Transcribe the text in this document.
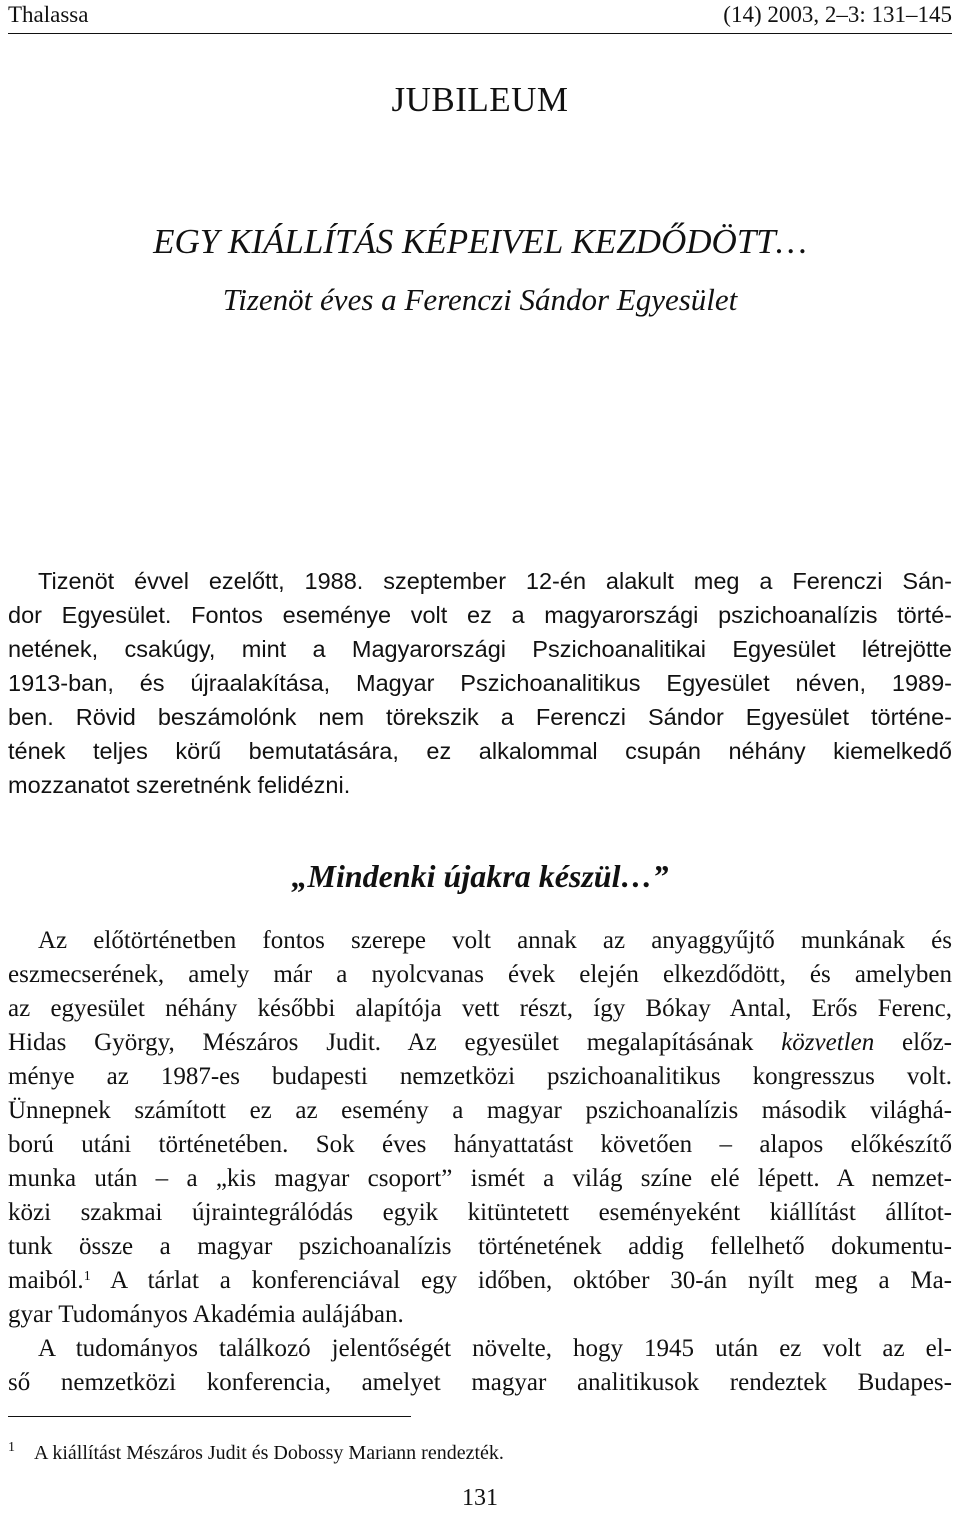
Thalassa	(14) 2003, 2–3: 131–145
JUBILEUM
EGY KIÁLLÍTÁS KÉPEIVEL KEZDŐDÖTT…
Tizenöt éves a Ferenczi Sándor Egyesület
Tizenöt évvel ezelőtt, 1988. szeptember 12-én alakult meg a Ferenczi Sán-
dor Egyesület. Fontos eseménye volt ez a magyarországi pszichoanalízis törté-
netének, csakúgy, mint a Magyarországi Pszichoanalitikai Egyesület létrejötte
1913-ban, és újraalakítása, Magyar Pszichoanalitikus Egyesület néven, 1989-
ben. Rövid beszámolónk nem törekszik a Ferenczi Sándor Egyesület történe-
tének teljes körű bemutatására, ez alkalommal csupán néhány kiemelkedő
mozzanatot szeretnénk felidézni.
„Mindenki újakra készül…”
Az előtörténetben fontos szerepe volt annak az anyaggyűjtő munkának és
eszmecserének, amely már a nyolcvanas évek elején elkezdődött, és amelyben
az egyesület néhány későbbi alapítója vett részt, így Bókay Antal, Erős Ferenc,
Hidas György, Mészáros Judit. Az egyesület megalapításának közvetlen előz-
ménye az 1987-es budapesti nemzetközi pszichoanalitikus kongresszus volt.
Ünnepnek számított ez az esemény a magyar pszichoanalízis második világhá-
ború utáni történetében. Sok éves hányattatást követően – alapos előkészítő
munka után – a „kis magyar csoport” ismét a világ színe elé lépett. A nemzet-
közi szakmai újraintegrálódás egyik kitüntetett eseményeként kiállítást állítot-
tunk össze a magyar pszichoanalízis történetének addig fellelhető dokumentu-
maiból.$^1$ A tárlat a konferenciával egy időben, október 30-án nyílt meg a Ma-
gyar Tudományos Akadémia aulájában.
A tudományos találkozó jelentőségét növelte, hogy 1945 után ez volt az el-
ső nemzetközi konferencia, amelyet magyar analitikusok rendeztek Budapes-
1 A kiállítást Mészáros Judit és Dobossy Mariann rendezték.
131
